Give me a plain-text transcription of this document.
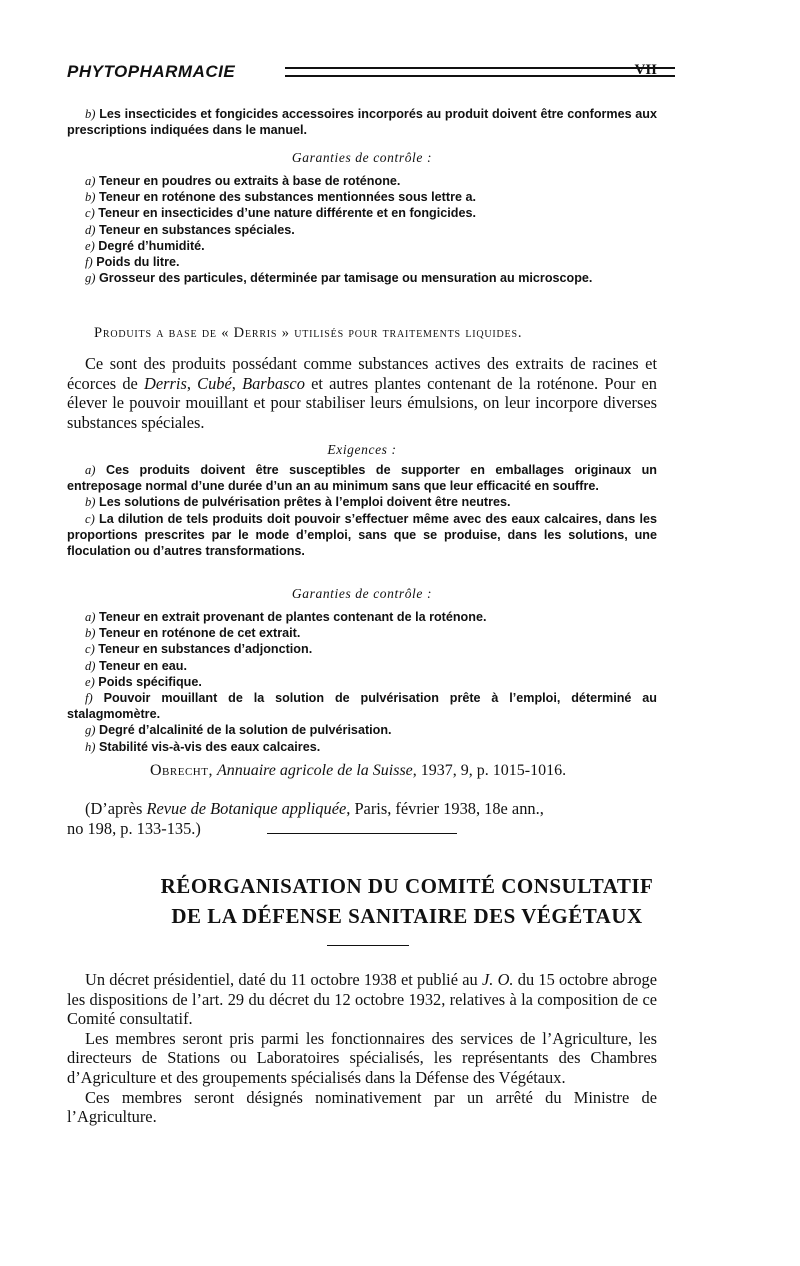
PHYTOPHARMACIE	VII

b) Les insecticides et fongicides accessoires incorporés au produit doivent être conformes aux prescriptions indiquées dans le manuel.

Garanties de contrôle :

a) Teneur en poudres ou extraits à base de roténone.

b) Teneur en roténone des substances mentionnées sous lettre a.

c) Teneur en insecticides d’une nature différente et en fongicides.

d) Teneur en substances spéciales.

e) Degré d’humidité.

f) Poids du litre.

g) Grosseur des particules, déterminée par tamisage ou mensuration au microscope.

Produits a base de « Derris » utilisés pour traitements liquides.

Ce sont des produits possédant comme substances actives des extraits de racines et écorces de Derris, Cubé, Barbasco et autres plantes contenant de la roténone. Pour en élever le pouvoir mouillant et pour stabiliser leurs émulsions, on leur incorpore diverses substances spéciales.

Exigences :

a) Ces produits doivent être susceptibles de supporter en emballages originaux un entreposage normal d’une durée d’un an au minimum sans que leur efficacité en souffre.

b) Les solutions de pulvérisation prêtes à l’emploi doivent être neutres.

c) La dilution de tels produits doit pouvoir s’effectuer même avec des eaux calcaires, dans les proportions prescrites par le mode d’emploi, sans que se produise, dans les solutions, une floculation ou d’autres transformations.

Garanties de contrôle :

a) Teneur en extrait provenant de plantes contenant de la roténone.

b) Teneur en roténone de cet extrait.

c) Teneur en substances d’adjonction.

d) Teneur en eau.

e) Poids spécifique.

f) Pouvoir mouillant de la solution de pulvérisation prête à l’emploi, déterminé au stalagmomètre.

g) Degré d’alcalinité de la solution de pulvérisation.

h) Stabilité vis-à-vis des eaux calcaires.

Obrecht, Annuaire agricole de la Suisse, 1937, 9, p. 1015-1016.

(D’après Revue de Botanique appliquée, Paris, février 1938, 18e ann.,

no 198, p. 133-135.)

RÉORGANISATION DU COMITÉ CONSULTATIF
DE LA DÉFENSE SANITAIRE DES VÉGÉTAUX

Un décret présidentiel, daté du 11 octobre 1938 et publié au J. O. du 15 octobre abroge les dispositions de l’art. 29 du décret du 12 octobre 1932, relatives à la composition de ce Comité consultatif.

Les membres seront pris parmi les fonctionnaires des services de l’Agriculture, les directeurs de Stations ou Laboratoires spécialisés, les représentants des Chambres d’Agriculture et des groupements spécialisés dans la Défense des Végétaux.

Ces membres seront désignés nominativement par un arrêté du Ministre de l’Agriculture.
